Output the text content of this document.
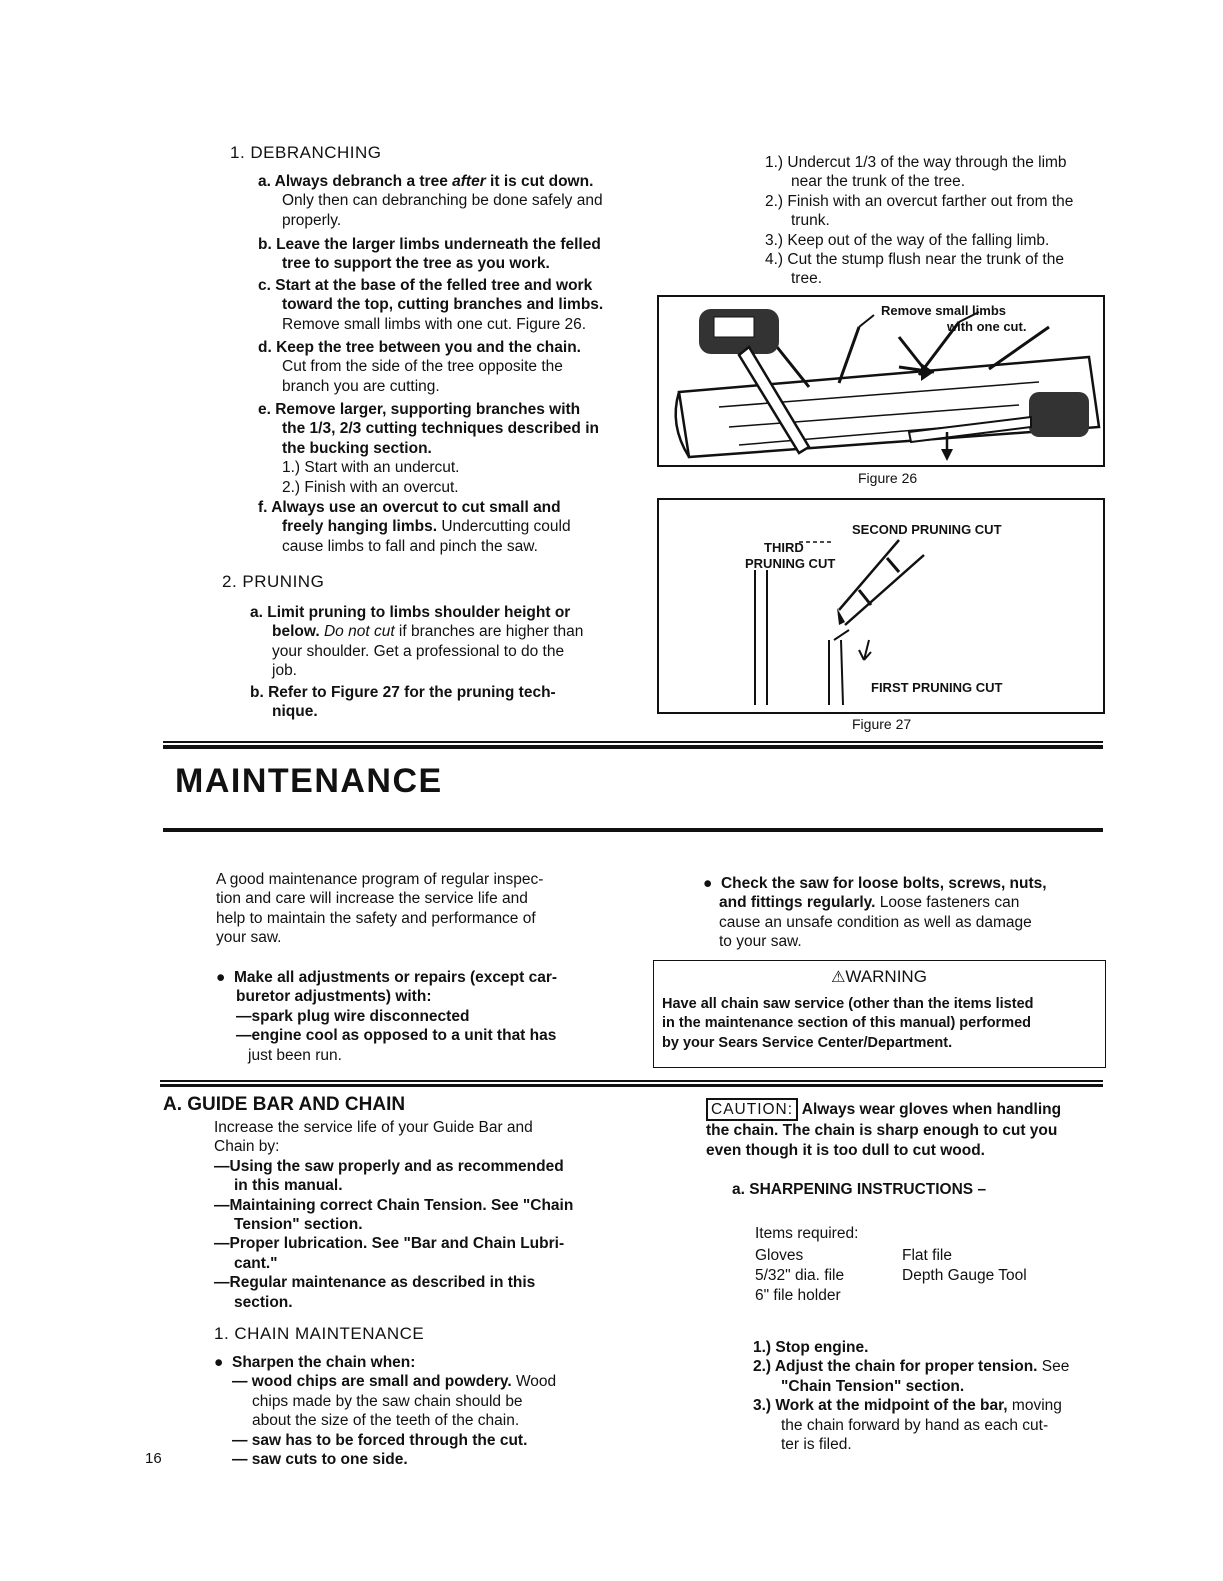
1. DEBRANCHING
a. Always debranch a tree after it is cut down.
Only then can debranching be done safely and
properly.
b. Leave the larger limbs underneath the felled
tree to support the tree as you work.
c. Start at the base of the felled tree and work
toward the top, cutting branches and limbs.
Remove small limbs with one cut. Figure 26.
d. Keep the tree between you and the chain.
Cut from the side of the tree opposite the
branch you are cutting.
e. Remove larger, supporting branches with
the 1/3, 2/3 cutting techniques described in
the bucking section.
1.) Start with an undercut.
2.) Finish with an overcut.
f. Always use an overcut to cut small and
freely hanging limbs. Undercutting could
cause limbs to fall and pinch the saw.
2. PRUNING
a. Limit pruning to limbs shoulder height or
below. Do not cut if branches are higher than
your shoulder. Get a professional to do the
job.
b. Refer to Figure 27 for the pruning tech-
nique.
1.) Undercut 1/3 of the way through the limb
near the trunk of the tree.
2.) Finish with an overcut farther out from the
trunk.
3.) Keep out of the way of the falling limb.
4.) Cut the stump flush near the trunk of the
tree.
Remove small limbs
with one cut.
Figure 26
SECOND PRUNING CUT
THIRD
PRUNING CUT
FIRST PRUNING CUT
Figure 27
MAINTENANCE
A good maintenance program of regular inspec-
tion and care will increase the service life and
help to maintain the safety and performance of
your saw.
●  Make all adjustments or repairs (except car-
buretor adjustments) with:
—spark plug wire disconnected
—engine cool as opposed to a unit that has
just been run.
●  Check the saw for loose bolts, screws, nuts,
and fittings regularly. Loose fasteners can
cause an unsafe condition as well as damage
to your saw.
⚠WARNING
Have all chain saw service (other than the items listed
in the maintenance section of this manual) performed
by your Sears Service Center/Department.
A. GUIDE BAR AND CHAIN
Increase the service life of your Guide Bar and
Chain by:
—Using the saw properly and as recommended
in this manual.
—Maintaining correct Chain Tension. See "Chain
Tension" section.
—Proper lubrication. See "Bar and Chain Lubri-
cant."
—Regular maintenance as described in this
section.
1. CHAIN MAINTENANCE
●  Sharpen the chain when:
— wood chips are small and powdery. Wood
chips made by the saw chain should be
about the size of the teeth of the chain.
— saw has to be forced through the cut.
— saw cuts to one side.
CAUTION: Always wear gloves when handling
the chain. The chain is sharp enough to cut you
even though it is too dull to cut wood.
a. SHARPENING INSTRUCTIONS –
Items required:
Gloves	Flat file
5/32" dia. file	Depth Gauge Tool
6" file holder
1.) Stop engine.
2.) Adjust the chain for proper tension. See
"Chain Tension" section.
3.) Work at the midpoint of the bar, moving
the chain forward by hand as each cut-
ter is filed.
16
